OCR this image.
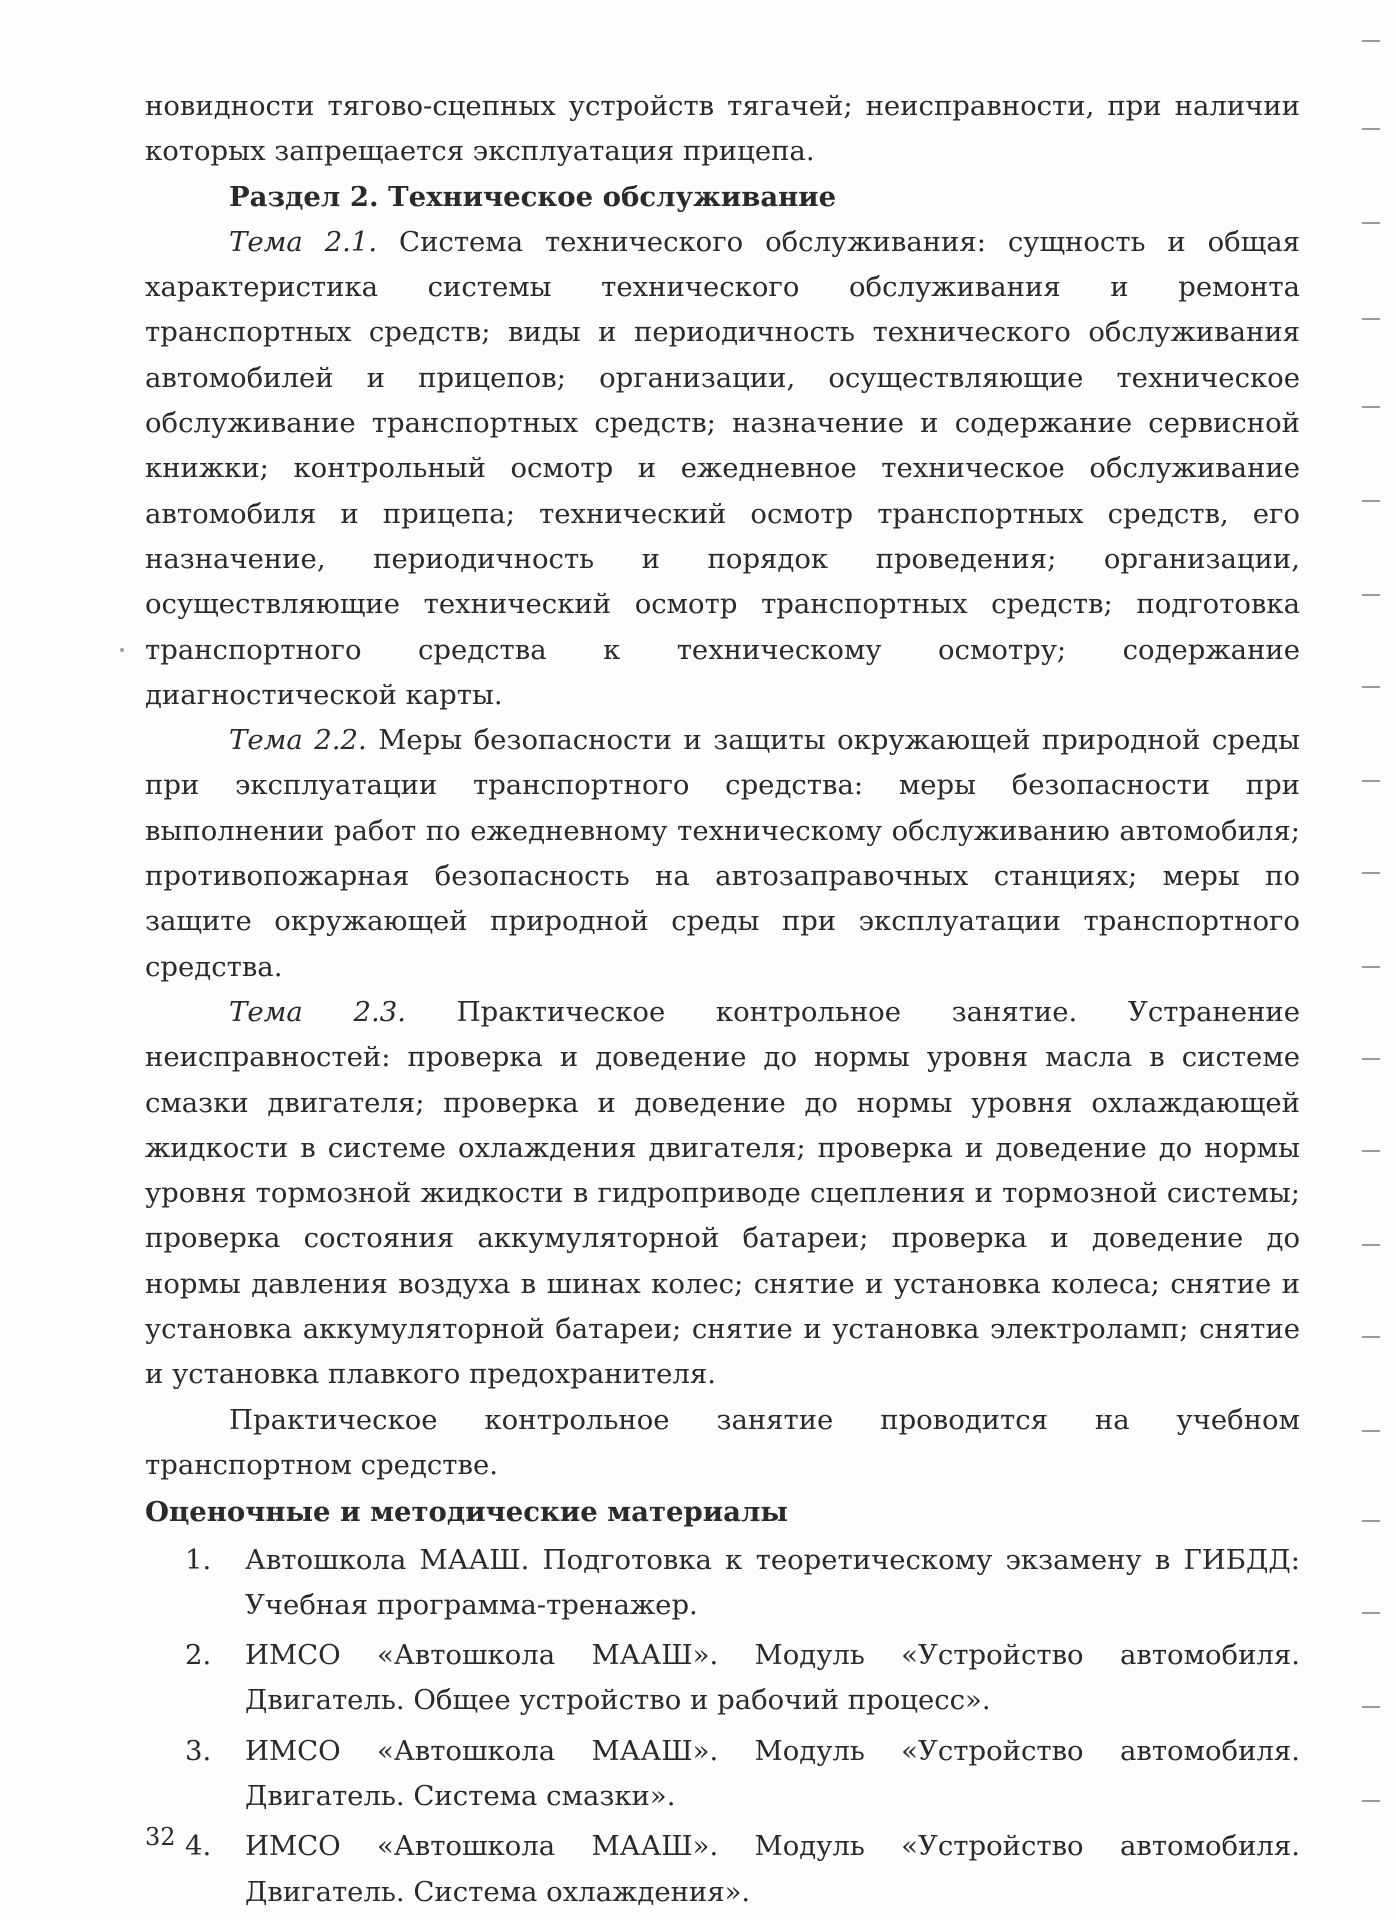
новидности тягово-сцепных устройств тягачей; неисправности, при наличии которых запрещается эксплуатация прицепа.

Раздел 2. Техническое обслуживание

Тема 2.1. Система технического обслуживания: сущность и общая характеристика системы технического обслуживания и ремонта транспортных средств; виды и периодичность технического обслуживания автомобилей и прицепов; организации, осуществляющие техническое обслуживание транспортных средств; назначение и содержание сервисной книжки; контрольный осмотр и ежедневное техническое обслуживание автомобиля и прицепа; технический осмотр транспортных средств, его назначение, периодичность и порядок проведения; организации, осуществляющие технический осмотр транспортных средств; подготовка транспортного средства к техническому осмотру; содержание диагностической карты.

Тема 2.2. Меры безопасности и защиты окружающей природной среды при эксплуатации транспортного средства: меры безопасности при выполнении работ по ежедневному техническому обслуживанию автомобиля; противопожарная безопасность на автозаправочных станциях; меры по защите окружающей природной среды при эксплуатации транспортного средства.

Тема 2.3. Практическое контрольное занятие. Устранение неисправностей: проверка и доведение до нормы уровня масла в системе смазки двигателя; проверка и доведение до нормы уровня охлаждающей жидкости в системе охлаждения двигателя; проверка и доведение до нормы уровня тормозной жидкости в гидроприводе сцепления и тормозной системы; проверка состояния аккумуляторной батареи; проверка и доведение до нормы давления воздуха в шинах колес; снятие и установка колеса; снятие и установка аккумуляторной батареи; снятие и установка электроламп; снятие и установка плавкого предохранителя.

Практическое контрольное занятие проводится на учебном транспортном средстве.

Оценочные и методические материалы

1. Автошкола МААШ. Подготовка к теоретическому экзамену в ГИБДД: Учебная программа-тренажер.
2. ИМСО «Автошкола МААШ». Модуль «Устройство автомобиля. Двигатель. Общее устройство и рабочий процесс».
3. ИМСО «Автошкола МААШ». Модуль «Устройство автомобиля. Двигатель. Система смазки».
4. ИМСО «Автошкола МААШ». Модуль «Устройство автомобиля. Двигатель. Система охлаждения».
32
